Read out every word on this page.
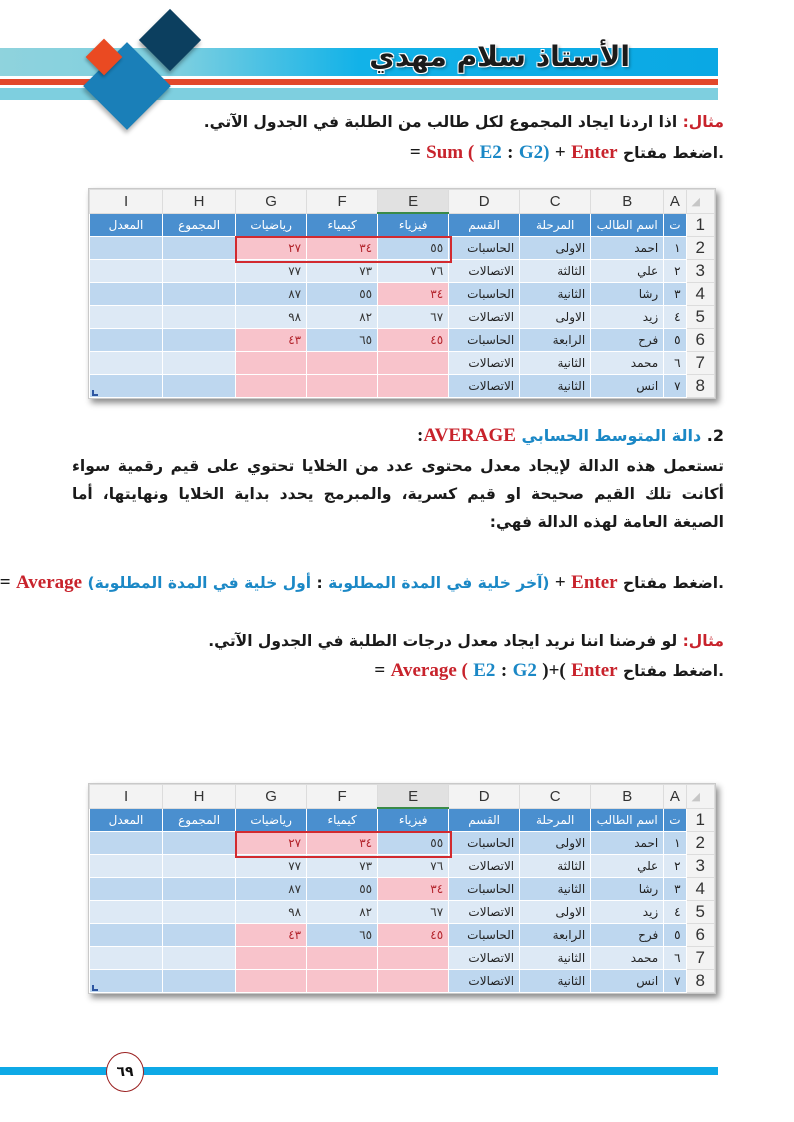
الأستاذ سلام مهدي
مثال: اذا اردنا ايجاد المجموع لكل طالب من الطلبة في الجدول الآتي.
.اضغط مفتاح = Sum ( E2 : G2) + Enter
I	H	G	F	E	D	C	B	A	◢
المعدل	المجموع	رياضيات	كيمياء	فيزياء	القسم	المرحلة	اسم الطالب	ت	1
		٢٧	٣٤	٥٥	الحاسبات	الاولى	احمد	١	2
		٧٧	٧٣	٧٦	الاتصالات	الثالثة	علي	٢	3
		٨٧	٥٥	٣٤	الحاسبات	الثانية	رشا	٣	4
		٩٨	٨٢	٦٧	الاتصالات	الاولى	زيد	٤	5
		٤٣	٦٥	٤٥	الحاسبات	الرابعة	فرح	٥	6
					الاتصالات	الثانية	محمد	٦	7
					الاتصالات	الثانية	انس	٧	8
2. دالة المتوسط الحسابي AVERAGE:
تستعمل هذه الدالة لإيجاد معدل محتوى عدد من الخلايا تحتوي على قيم رقمية سواء أكانت تلك القيم صحيحة او قيم كسرية، والمبرمج يحدد بداية الخلايا ونهايتها، أما الصيغة العامة لهذه الدالة فهي:
.اضغط مفتاح Enter + (آخر خلية في المدة المطلوبة : أول خلية في المدة المطلوبة) Average =
مثال: لو فرضنا اننا نريد ايجاد معدل درجات الطلبة في الجدول الآتي.
.اضغط مفتاح = Average ( E2 : G2 )+( Enter
I	H	G	F	E	D	C	B	A	◢
المعدل	المجموع	رياضيات	كيمياء	فيزياء	القسم	المرحلة	اسم الطالب	ت	1
		٢٧	٣٤	٥٥	الحاسبات	الاولى	احمد	١	2
		٧٧	٧٣	٧٦	الاتصالات	الثالثة	علي	٢	3
		٨٧	٥٥	٣٤	الحاسبات	الثانية	رشا	٣	4
		٩٨	٨٢	٦٧	الاتصالات	الاولى	زيد	٤	5
		٤٣	٦٥	٤٥	الحاسبات	الرابعة	فرح	٥	6
					الاتصالات	الثانية	محمد	٦	7
					الاتصالات	الثانية	انس	٧	8
٦٩
